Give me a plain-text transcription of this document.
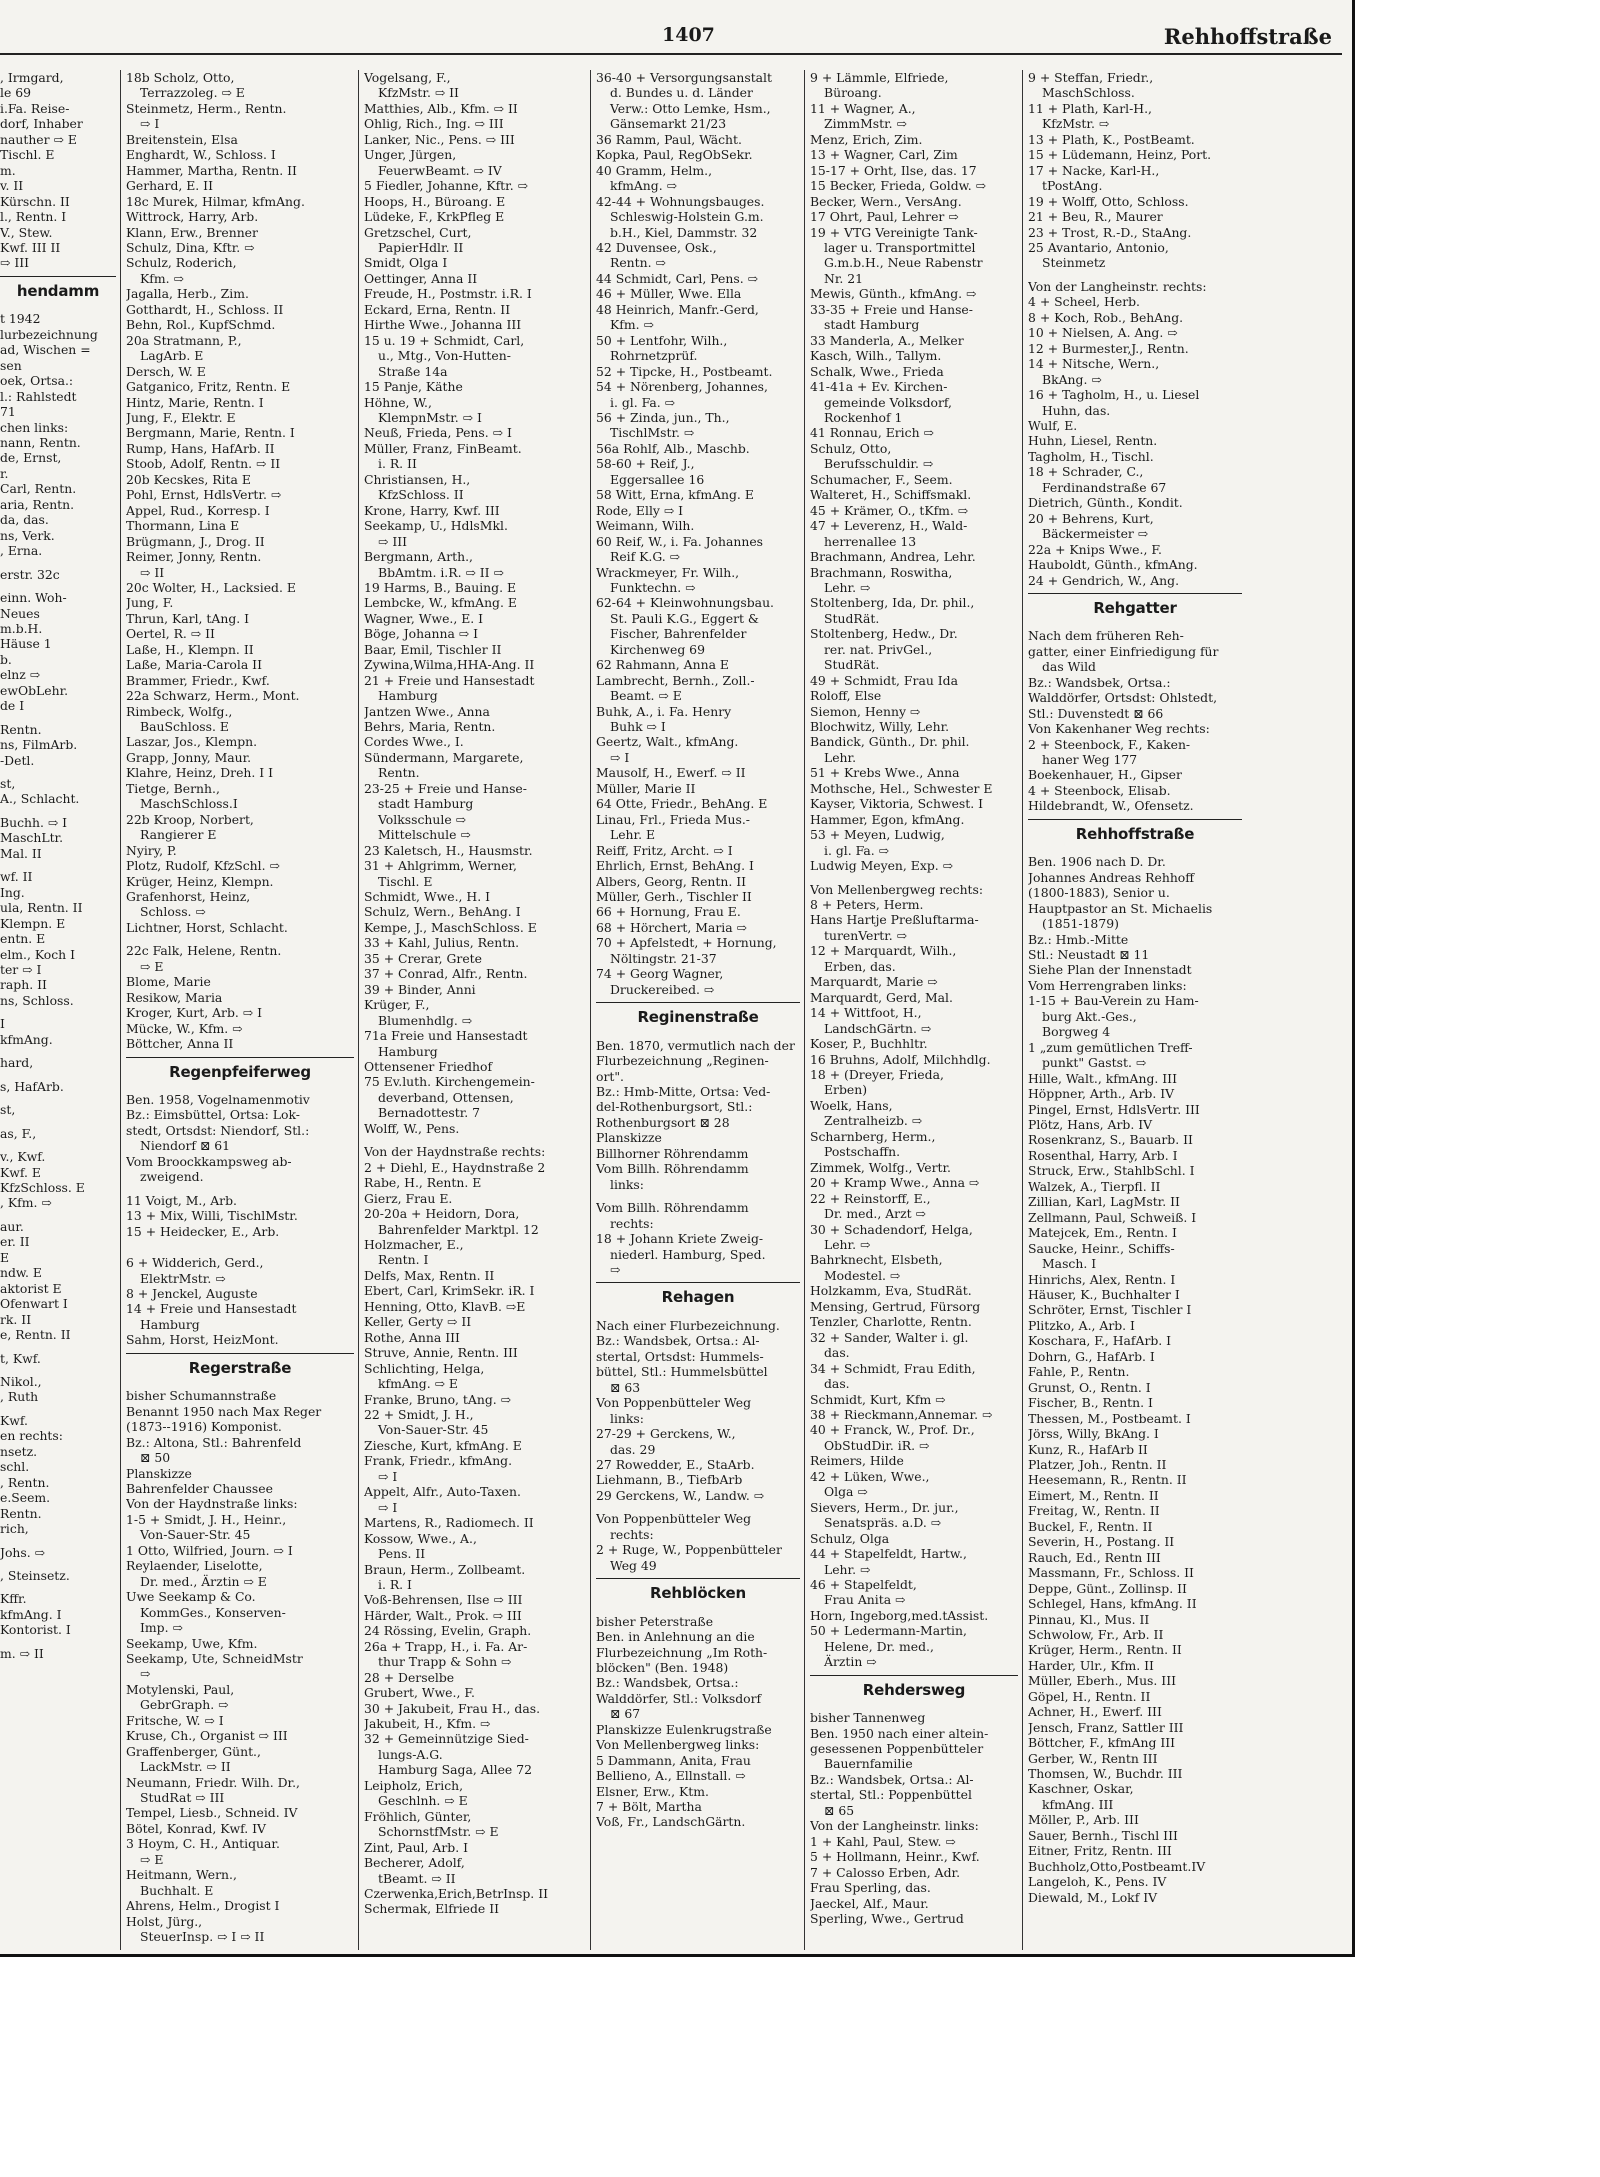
1407	Rehhoffstraße
, Irmgard,
le 69
i.Fa. Reise-
dorf, Inhaber
nauther ⇨ E
Tischl. E
m.
v. II
Kürschn. II
l., Rentn. I
V., Stew.
Kwf. III II
⇨ III
hendamm
t 1942
lurbezeichnung
ad, Wischen =
sen
oek, Ortsa.:
l.: Rahlstedt
71
chen links:
nann, Rentn.
de, Ernst,
r.
Carl, Rentn.
aria, Rentn.
da, das.
ns, Verk.
, Erna.
erstr. 32c
einn. Woh-
Neues
m.b.H.
Häuse 1
b.
elnz ⇨
ewObLehr.
de I
Rentn.
ns, FilmArb.
-Detl.
st,
A., Schlacht.
Buchh. ⇨ I
MaschLtr.
Mal. II
wf. II
Ing.
ula, Rentn. II
Klempn. E
entn. E
elm., Koch I
ter ⇨ I
raph. II
ns, Schloss.
I
kfmAng.
hard,
s, HafArb.
st,
as, F.,
v., Kwf.
Kwf. E
KfzSchloss. E
, Kfm. ⇨
aur.
er. II
E
ndw. E
aktorist E
Ofenwart I
rk. II
e, Rentn. II
t, Kwf.
Nikol.,
, Ruth
Kwf.
en rechts:
nsetz.
schl.
, Rentn.
e.Seem.
Rentn.
rich,
Johs. ⇨
, Steinsetz.
Kffr.
kfmAng. I
Kontorist. I
m. ⇨ II
18b Scholz, Otto,
Terrazzoleg. ⇨ E
Steinmetz, Herm., Rentn.
⇨ I
Breitenstein, Elsa
Enghardt, W., Schloss. I
Hammer, Martha, Rentn. II
Gerhard, E. II
18c Murek, Hilmar, kfmAng.
Wittrock, Harry, Arb.
Klann, Erw., Brenner
Schulz, Dina, Kftr. ⇨
Schulz, Roderich,
Kfm. ⇨
Jagalla, Herb., Zim.
Gotthardt, H., Schloss. II
Behn, Rol., KupfSchmd.
20a Stratmann, P.,
LagArb. E
Dersch, W. E
Gatganico, Fritz, Rentn. E
Hintz, Marie, Rentn. I
Jung, F., Elektr. E
Bergmann, Marie, Rentn. I
Rump, Hans, HafArb. II
Stoob, Adolf, Rentn. ⇨ II
20b Kecskes, Rita E
Pohl, Ernst, HdlsVertr. ⇨
Appel, Rud., Korresp. I
Thormann, Lina E
Brügmann, J., Drog. II
Reimer, Jonny, Rentn.
⇨ II
20c Wolter, H., Lacksied. E
Jung, F.
Thrun, Karl, tAng. I
Oertel, R. ⇨ II
Laße, H., Klempn. II
Laße, Maria-Carola II
Brammer, Friedr., Kwf.
22a Schwarz, Herm., Mont.
Rimbeck, Wolfg.,
BauSchloss. E
Laszar, Jos., Klempn.
Grapp, Jonny, Maur.
Klahre, Heinz, Dreh. I I
Tietge, Bernh.,
MaschSchloss.I
22b Kroop, Norbert,
Rangierer E
Nyiry, P.
Plotz, Rudolf, KfzSchl. ⇨
Krüger, Heinz, Klempn.
Grafenhorst, Heinz,
Schloss. ⇨
Lichtner, Horst, Schlacht.
22c Falk, Helene, Rentn.
⇨ E
Blome, Marie
Resikow, Maria
Kroger, Kurt, Arb. ⇨ I
Mücke, W., Kfm. ⇨
Böttcher, Anna II
Regenpfeiferweg
Ben. 1958, Vogelnamenmotiv
Bz.: Eimsbüttel, Ortsa: Lok-
stedt, Ortsdst: Niendorf, Stl.:
Niendorf ⊠ 61
Vom Broockkampsweg ab-
zweigend.
11 Voigt, M., Arb.
13 + Mix, Willi, TischlMstr.
15 + Heidecker, E., Arb.
6 + Widderich, Gerd.,
ElektrMstr. ⇨
8 + Jenckel, Auguste
14 + Freie und Hansestadt
Hamburg
Sahm, Horst, HeizMont.
Regerstraße
bisher Schumannstraße
Benannt 1950 nach Max Reger
(1873--1916) Komponist.
Bz.: Altona, Stl.: Bahrenfeld
⊠ 50
Planskizze
Bahrenfelder Chaussee
Von der Haydnstraße links:
1-5 + Smidt, J. H., Heinr.,
Von-Sauer-Str. 45
1 Otto, Wilfried, Journ. ⇨ I
Reylaender, Liselotte,
Dr. med., Ärztin ⇨ E
Uwe Seekamp & Co.
KommGes., Konserven-
Imp. ⇨
Seekamp, Uwe, Kfm.
Seekamp, Ute, SchneidMstr
⇨
Motylenski, Paul,
GebrGraph. ⇨
Fritsche, W. ⇨ I
Kruse, Ch., Organist ⇨ III
Graffenberger, Günt.,
LackMstr. ⇨ II
Neumann, Friedr. Wilh. Dr.,
StudRat ⇨ III
Tempel, Liesb., Schneid. IV
Bötel, Konrad, Kwf. IV
3 Hoym, C. H., Antiquar.
⇨ E
Heitmann, Wern.,
Buchhalt. E
Ahrens, Helm., Drogist I
Holst, Jürg.,
SteuerInsp. ⇨ I ⇨ II
Vogelsang, F.,
KfzMstr. ⇨ II
Matthies, Alb., Kfm. ⇨ II
Ohlig, Rich., Ing. ⇨ III
Lanker, Nic., Pens. ⇨ III
Unger, Jürgen,
FeuerwBeamt. ⇨ IV
5 Fiedler, Johanne, Kftr. ⇨
Hoops, H., Büroang. E
Lüdeke, F., KrkPfleg E
Gretzschel, Curt,
PapierHdlr. II
Smidt, Olga I
Oettinger, Anna II
Freude, H., Postmstr. i.R. I
Eckard, Erna, Rentn. II
Hirthe Wwe., Johanna III
15 u. 19 + Schmidt, Carl,
u., Mtg., Von-Hutten-
Straße 14a
15 Panje, Käthe
Höhne, W.,
KlempnMstr. ⇨ I
Neuß, Frieda, Pens. ⇨ I
Müller, Franz, FinBeamt.
i. R. II
Christiansen, H.,
KfzSchloss. II
Krone, Harry, Kwf. III
Seekamp, U., HdlsMkl.
⇨ III
Bergmann, Arth.,
BbAmtm. i.R. ⇨ II ⇨
19 Harms, B., Bauing. E
Lembcke, W., kfmAng. E
Wagner, Wwe., E. I
Böge, Johanna ⇨ I
Baar, Emil, Tischler II
Zywina,Wilma,HHA-Ang. II
21 + Freie und Hansestadt
Hamburg
Jantzen Wwe., Anna
Behrs, Maria, Rentn.
Cordes Wwe., I.
Sündermann, Margarete,
Rentn.
23-25 + Freie und Hanse-
stadt Hamburg
Volksschule ⇨
Mittelschule ⇨
23 Kaletsch, H., Hausmstr.
31 + Ahlgrimm, Werner,
Tischl. E
Schmidt, Wwe., H. I
Schulz, Wern., BehAng. I
Kempe, J., MaschSchloss. E
33 + Kahl, Julius, Rentn.
35 + Crerar, Grete
37 + Conrad, Alfr., Rentn.
39 + Binder, Anni
Krüger, F.,
Blumenhdlg. ⇨
71a Freie und Hansestadt
Hamburg
Ottensener Friedhof
75 Ev.luth. Kirchengemein-
deverband, Ottensen,
Bernadottestr. 7
Wolff, W., Pens.
Von der Haydnstraße rechts:
2 + Diehl, E., Haydnstraße 2
Rabe, H., Rentn. E
Gierz, Frau E.
20-20a + Heidorn, Dora,
Bahrenfelder Marktpl. 12
Holzmacher, E.,
Rentn. I
Delfs, Max, Rentn. II
Ebert, Carl, KrimSekr. iR. I
Henning, Otto, KlavB. ⇨E
Keller, Gerty ⇨ II
Rothe, Anna III
Struve, Annie, Rentn. III
Schlichting, Helga,
kfmAng. ⇨ E
Franke, Bruno, tAng. ⇨
22 + Smidt, J. H.,
Von-Sauer-Str. 45
Ziesche, Kurt, kfmAng. E
Frank, Friedr., kfmAng.
⇨ I
Appelt, Alfr., Auto-Taxen.
⇨ I
Martens, R., Radiomech. II
Kossow, Wwe., A.,
Pens. II
Braun, Herm., Zollbeamt.
i. R. I
Voß-Behrensen, Ilse ⇨ III
Härder, Walt., Prok. ⇨ III
24 Rössing, Evelin, Graph.
26a + Trapp, H., i. Fa. Ar-
thur Trapp & Sohn ⇨
28 + Derselbe
Grubert, Wwe., F.
30 + Jakubeit, Frau H., das.
Jakubeit, H., Kfm. ⇨
32 + Gemeinnützige Sied-
lungs-A.G.
Hamburg Saga, Allee 72
Leipholz, Erich,
Geschlnh. ⇨ E
Fröhlich, Günter,
SchornstfMstr. ⇨ E
Zint, Paul, Arb. I
Becherer, Adolf,
tBeamt. ⇨ II
Czerwenka,Erich,BetrInsp. II
Schermak, Elfriede II
36-40 + Versorgungsanstalt
d. Bundes u. d. Länder
Verw.: Otto Lemke, Hsm.,
Gänsemarkt 21/23
36 Ramm, Paul, Wächt.
Kopka, Paul, RegObSekr.
40 Gramm, Helm.,
kfmAng. ⇨
42-44 + Wohnungsbauges.
Schleswig-Holstein G.m.
b.H., Kiel, Dammstr. 32
42 Duvensee, Osk.,
Rentn. ⇨
44 Schmidt, Carl, Pens. ⇨
46 + Müller, Wwe. Ella
48 Heinrich, Manfr.-Gerd,
Kfm. ⇨
50 + Lentfohr, Wilh.,
Rohrnetzprüf.
52 + Tipcke, H., Postbeamt.
54 + Nörenberg, Johannes,
i. gl. Fa. ⇨
56 + Zinda, jun., Th.,
TischlMstr. ⇨
56a Rohlf, Alb., Maschb.
58-60 + Reif, J.,
Eggersallee 16
58 Witt, Erna, kfmAng. E
Rode, Elly ⇨ I
Weimann, Wilh.
60 Reif, W., i. Fa. Johannes
Reif K.G. ⇨
Wrackmeyer, Fr. Wilh.,
Funktechn. ⇨
62-64 + Kleinwohnungsbau.
St. Pauli K.G., Eggert &
Fischer, Bahrenfelder
Kirchenweg 69
62 Rahmann, Anna E
Lambrecht, Bernh., Zoll.-
Beamt. ⇨ E
Buhk, A., i. Fa. Henry
Buhk ⇨ I
Geertz, Walt., kfmAng.
⇨ I
Mausolf, H., Ewerf. ⇨ II
Müller, Marie II
64 Otte, Friedr., BehAng. E
Linau, Frl., Frieda Mus.-
Lehr. E
Reiff, Fritz, Archt. ⇨ I
Ehrlich, Ernst, BehAng. I
Albers, Georg, Rentn. II
Müller, Gerh., Tischler II
66 + Hornung, Frau E.
68 + Hörchert, Maria ⇨
70 + Apfelstedt, + Hornung,
Nöltingstr. 21-37
74 + Georg Wagner,
Druckereibed. ⇨
Reginenstraße
Ben. 1870, vermutlich nach der
Flurbezeichnung „Reginen-
ort".
Bz.: Hmb-Mitte, Ortsa: Ved-
del-Rothenburgsort, Stl.:
Rothenburgsort ⊠ 28
Planskizze
Billhorner Röhrendamm
Vom Billh. Röhrendamm
links:
Vom Billh. Röhrendamm
rechts:
18 + Johann Kriete Zweig-
niederl. Hamburg, Sped.
⇨
Rehagen
Nach einer Flurbezeichnung.
Bz.: Wandsbek, Ortsa.: Al-
stertal, Ortsdst: Hummels-
büttel, Stl.: Hummelsbüttel
⊠ 63
Von Poppenbütteler Weg
links:
27-29 + Gerckens, W.,
das. 29
27 Rowedder, E., StaArb.
Liehmann, B., TiefbArb
29 Gerckens, W., Landw. ⇨
Von Poppenbütteler Weg
rechts:
2 + Ruge, W., Poppenbütteler
Weg 49
Rehblöcken
bisher Peterstraße
Ben. in Anlehnung an die
Flurbezeichnung „Im Roth-
blöcken" (Ben. 1948)
Bz.: Wandsbek, Ortsa.:
Walddörfer, Stl.: Volksdorf
⊠ 67
Planskizze Eulenkrugstraße
Von Mellenbergweg links:
5 Dammann, Anita, Frau
Bellieno, A., Ellnstall. ⇨
Elsner, Erw., Ktm.
7 + Bölt, Martha
Voß, Fr., LandschGärtn.
9 + Lämmle, Elfriede,
Büroang.
11 + Wagner, A.,
ZimmMstr. ⇨
Menz, Erich, Zim.
13 + Wagner, Carl, Zim
15-17 + Orht, Ilse, das. 17
15 Becker, Frieda, Goldw. ⇨
Becker, Wern., VersAng.
17 Ohrt, Paul, Lehrer ⇨
19 + VTG Vereinigte Tank-
lager u. Transportmittel
G.m.b.H., Neue Rabenstr
Nr. 21
Mewis, Günth., kfmAng. ⇨
33-35 + Freie und Hanse-
stadt Hamburg
33 Manderla, A., Melker
Kasch, Wilh., Tallym.
Schalk, Wwe., Frieda
41-41a + Ev. Kirchen-
gemeinde Volksdorf,
Rockenhof 1
41 Ronnau, Erich ⇨
Schulz, Otto,
Berufsschuldir. ⇨
Schumacher, F., Seem.
Walteret, H., Schiffsmakl.
45 + Krämer, O., tKfm. ⇨
47 + Leverenz, H., Wald-
herrenallee 13
Brachmann, Andrea, Lehr.
Brachmann, Roswitha,
Lehr. ⇨
Stoltenberg, Ida, Dr. phil.,
StudRät.
Stoltenberg, Hedw., Dr.
rer. nat. PrivGel.,
StudRät.
49 + Schmidt, Frau Ida
Roloff, Else
Siemon, Henny ⇨
Blochwitz, Willy, Lehr.
Bandick, Günth., Dr. phil.
Lehr.
51 + Krebs Wwe., Anna
Mothsche, Hel., Schwester E
Kayser, Viktoria, Schwest. I
Hammer, Egon, kfmAng.
53 + Meyen, Ludwig,
i. gl. Fa. ⇨
Ludwig Meyen, Exp. ⇨
Von Mellenbergweg rechts:
8 + Peters, Herm.
Hans Hartje Preßluftarma-
turenVertr. ⇨
12 + Marquardt, Wilh.,
Erben, das.
Marquardt, Marie ⇨
Marquardt, Gerd, Mal.
14 + Wittfoot, H.,
LandschGärtn. ⇨
Koser, P., Buchhltr.
16 Bruhns, Adolf, Milchhdlg.
18 + (Dreyer, Frieda,
Erben)
Woelk, Hans,
Zentralheizb. ⇨
Scharnberg, Herm.,
Postschaffn.
Zimmek, Wolfg., Vertr.
20 + Kramp Wwe., Anna ⇨
22 + Reinstorff, E.,
Dr. med., Arzt ⇨
30 + Schadendorf, Helga,
Lehr. ⇨
Bahrknecht, Elsbeth,
Modestel. ⇨
Holzkamm, Eva, StudRät.
Mensing, Gertrud, Fürsorg
Tenzler, Charlotte, Rentn.
32 + Sander, Walter i. gl.
das.
34 + Schmidt, Frau Edith,
das.
Schmidt, Kurt, Kfm ⇨
38 + Rieckmann,Annemar. ⇨
40 + Franck, W., Prof. Dr.,
ObStudDir. iR. ⇨
Reimers, Hilde
42 + Lüken, Wwe.,
Olga ⇨
Sievers, Herm., Dr. jur.,
Senatspräs. a.D. ⇨
Schulz, Olga
44 + Stapelfeldt, Hartw.,
Lehr. ⇨
46 + Stapelfeldt,
Frau Anita ⇨
Horn, Ingeborg,med.tAssist.
50 + Ledermann-Martin,
Helene, Dr. med.,
Ärztin ⇨
Rehdersweg
bisher Tannenweg
Ben. 1950 nach einer altein-
gesessenen Poppenbütteler
Bauernfamilie
Bz.: Wandsbek, Ortsa.: Al-
stertal, Stl.: Poppenbüttel
⊠ 65
Von der Langheinstr. links:
1 + Kahl, Paul, Stew. ⇨
5 + Hollmann, Heinr., Kwf.
7 + Calosso Erben, Adr.
Frau Sperling, das.
Jaeckel, Alf., Maur.
Sperling, Wwe., Gertrud
9 + Steffan, Friedr.,
MaschSchloss.
11 + Plath, Karl-H.,
KfzMstr. ⇨
13 + Plath, K., PostBeamt.
15 + Lüdemann, Heinz, Port.
17 + Nacke, Karl-H.,
tPostAng.
19 + Wolff, Otto, Schloss.
21 + Beu, R., Maurer
23 + Trost, R.-D., StaAng.
25 Avantario, Antonio,
Steinmetz
Von der Langheinstr. rechts:
4 + Scheel, Herb.
8 + Koch, Rob., BehAng.
10 + Nielsen, A. Ang. ⇨
12 + Burmester,J., Rentn.
14 + Nitsche, Wern.,
BkAng. ⇨
16 + Tagholm, H., u. Liesel
Huhn, das.
Wulf, E.
Huhn, Liesel, Rentn.
Tagholm, H., Tischl.
18 + Schrader, C.,
Ferdinandstraße 67
Dietrich, Günth., Kondit.
20 + Behrens, Kurt,
Bäckermeister ⇨
22a + Knips Wwe., F.
Hauboldt, Günth., kfmAng.
24 + Gendrich, W., Ang.
Rehgatter
Nach dem früheren Reh-
gatter, einer Einfriedigung für
das Wild
Bz.: Wandsbek, Ortsa.:
Walddörfer, Ortsdst: Ohlstedt,
Stl.: Duvenstedt ⊠ 66
Von Kakenhaner Weg rechts:
2 + Steenbock, F., Kaken-
haner Weg 177
Boekenhauer, H., Gipser
4 + Steenbock, Elisab.
Hildebrandt, W., Ofensetz.
Rehhoffstraße
Ben. 1906 nach D. Dr.
Johannes Andreas Rehhoff
(1800-1883), Senior u.
Hauptpastor an St. Michaelis
(1851-1879)
Bz.: Hmb.-Mitte
Stl.: Neustadt ⊠ 11
Siehe Plan der Innenstadt
Vom Herrengraben links:
1-15 + Bau-Verein zu Ham-
burg Akt.-Ges.,
Borgweg 4
1 „zum gemütlichen Treff-
punkt" Gastst. ⇨
Hille, Walt., kfmAng. III
Höppner, Arth., Arb. IV
Pingel, Ernst, HdlsVertr. III
Plötz, Hans, Arb. IV
Rosenkranz, S., Bauarb. II
Rosenthal, Harry, Arb. I
Struck, Erw., StahlbSchl. I
Walzek, A., Tierpfl. II
Zillian, Karl, LagMstr. II
Zellmann, Paul, Schweiß. I
Matejcek, Em., Rentn. I
Saucke, Heinr., Schiffs-
Masch. I
Hinrichs, Alex, Rentn. I
Häuser, K., Buchhalter I
Schröter, Ernst, Tischler I
Plitzko, A., Arb. I
Koschara, F., HafArb. I
Dohrn, G., HafArb. I
Fahle, P., Rentn.
Grunst, O., Rentn. I
Fischer, B., Rentn. I
Thessen, M., Postbeamt. I
Jörss, Willy, BkAng. I
Kunz, R., HafArb II
Platzer, Joh., Rentn. II
Heesemann, R., Rentn. II
Eimert, M., Rentn. II
Freitag, W., Rentn. II
Buckel, F., Rentn. II
Severin, H., Postang. II
Rauch, Ed., Rentn III
Massmann, Fr., Schloss. II
Deppe, Günt., Zollinsp. II
Schlegel, Hans, kfmAng. II
Pinnau, Kl., Mus. II
Schwolow, Fr., Arb. II
Krüger, Herm., Rentn. II
Harder, Ulr., Kfm. II
Müller, Eberh., Mus. III
Göpel, H., Rentn. II
Achner, H., Ewerf. III
Jensch, Franz, Sattler III
Böttcher, F., kfmAng III
Gerber, W., Rentn III
Thomsen, W., Buchdr. III
Kaschner, Oskar,
kfmAng. III
Möller, P., Arb. III
Sauer, Bernh., Tischl III
Eitner, Fritz, Rentn. III
Buchholz,Otto,Postbeamt.IV
Langeloh, K., Pens. IV
Diewald, M., Lokf IV
